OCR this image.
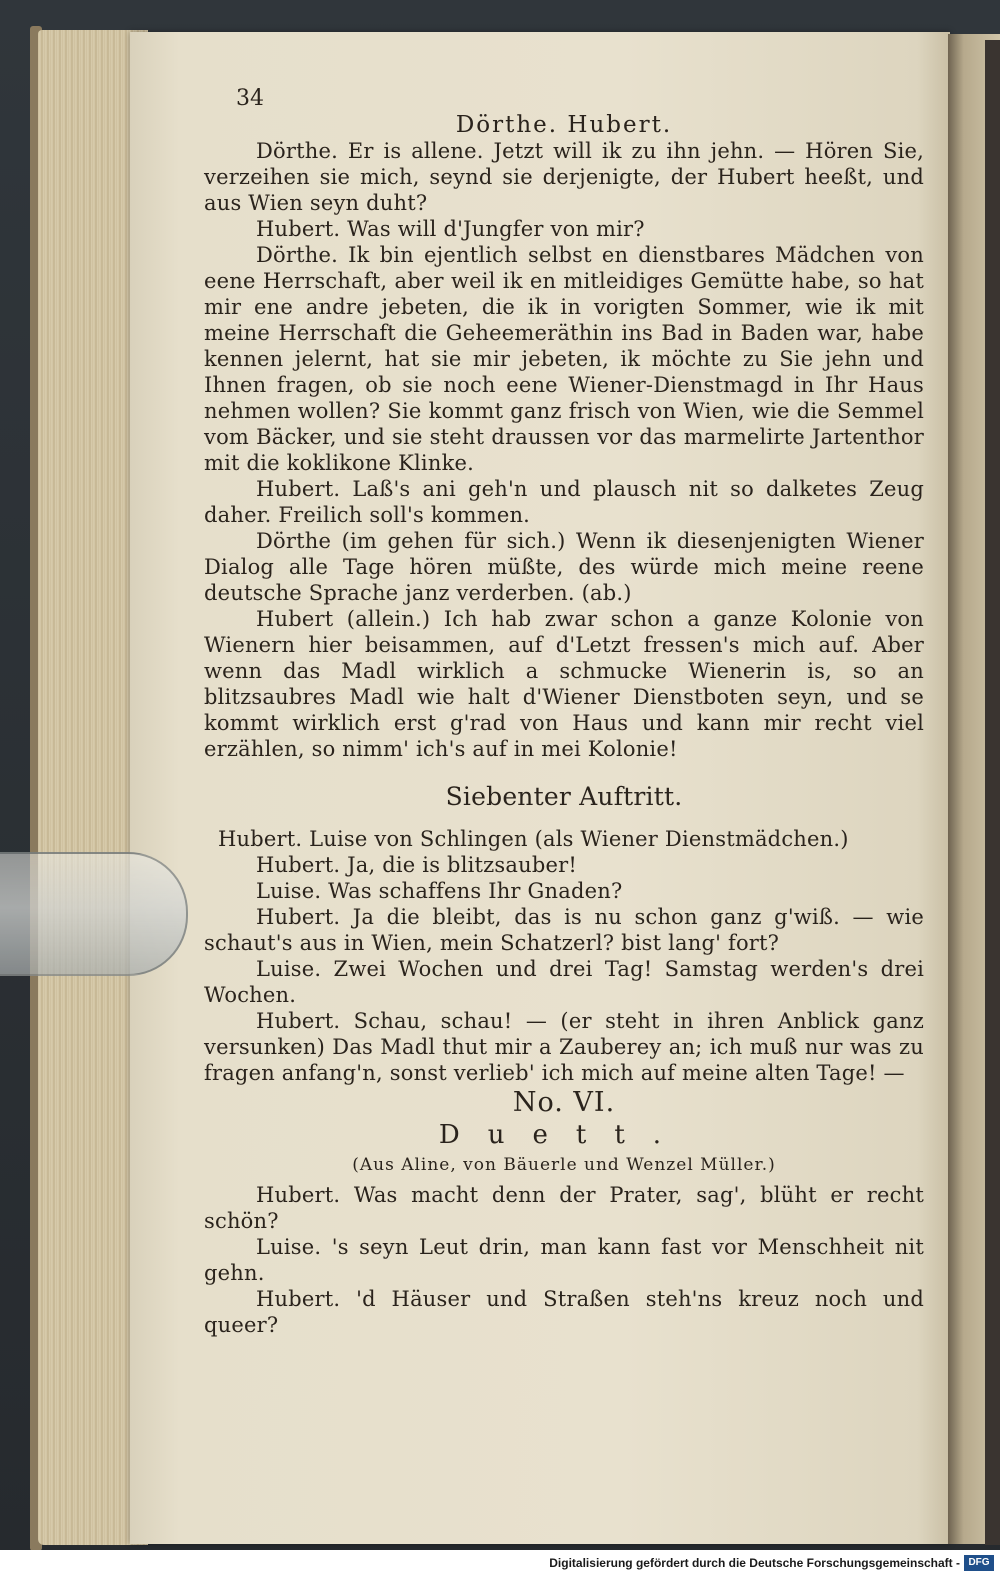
34
Dörthe. Hubert.

Dörthe. Er is allene. Jetzt will ik zu ihn jehn. — Hören Sie, verzeihen sie mich, seynd sie derjenigte, der Hubert heeßt, und aus Wien seyn duht?

Hubert. Was will d'Jungfer von mir?

Dörthe. Ik bin ejentlich selbst en dienstbares Mädchen von eene Herrschaft, aber weil ik en mitleidiges Gemütte habe, so hat mir ene andre jebeten, die ik in vorigten Sommer, wie ik mit meine Herrschaft die Geheemeräthin ins Bad in Baden war, habe kennen jelernt, hat sie mir jebeten, ik möchte zu Sie jehn und Ihnen fragen, ob sie noch eene Wiener-Dienstmagd in Ihr Haus nehmen wollen? Sie kommt ganz frisch von Wien, wie die Semmel vom Bäcker, und sie steht draussen vor das marmelirte Jartenthor mit die koklikone Klinke.

Hubert. Laß's ani geh'n und plausch nit so dalketes Zeug daher. Freilich soll's kommen.

Dörthe (im gehen für sich.) Wenn ik diesenjenigten Wiener Dialog alle Tage hören müßte, des würde mich meine reene deutsche Sprache janz verderben. (ab.)

Hubert (allein.) Ich hab zwar schon a ganze Kolonie von Wienern hier beisammen, auf d'Letzt fressen's mich auf. Aber wenn das Madl wirklich a schmucke Wienerin is, so an blitzsaubres Madl wie halt d'Wiener Dienstboten seyn, und se kommt wirklich erst g'rad von Haus und kann mir recht viel erzählen, so nimm' ich's auf in mei Kolonie!

Siebenter Auftritt.

Hubert. Luise von Schlingen (als Wiener Dienstmädchen.)

Hubert. Ja, die is blitzsauber!

Luise. Was schaffens Ihr Gnaden?

Hubert. Ja die bleibt, das is nu schon ganz g'wiß. — wie schaut's aus in Wien, mein Schatzerl? bist lang' fort?

Luise. Zwei Wochen und drei Tag! Samstag werden's drei Wochen.

Hubert. Schau, schau! — (er steht in ihren Anblick ganz versunken) Das Madl thut mir a Zauberey an; ich muß nur was zu fragen anfang'n, sonst verlieb' ich mich auf meine alten Tage! —

No. VI.
Duett.
(Aus Aline, von Bäuerle und Wenzel Müller.)

Hubert. Was macht denn der Prater, sag', blüht er recht schön?

Luise. 's seyn Leut drin, man kann fast vor Menschheit nit gehn.

Hubert. 'd Häuser und Straßen steh'ns kreuz noch und queer?

Digitalisierung gefördert durch die Deutsche Forschungsgemeinschaft - DFG
